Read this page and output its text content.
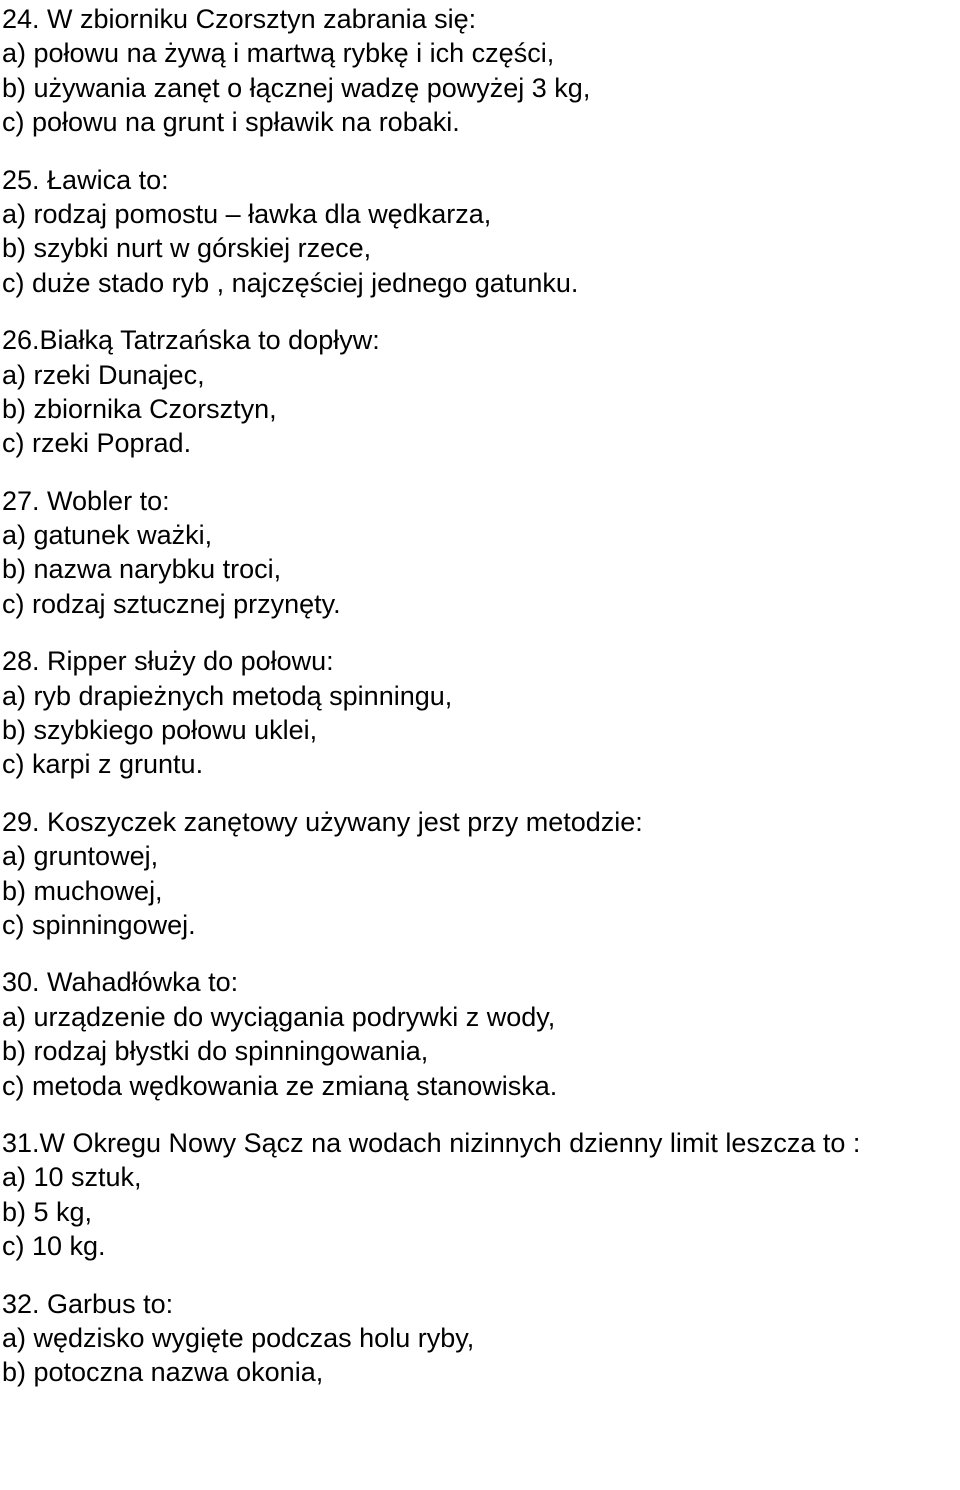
24. W zbiorniku Czorsztyn zabrania się:
a) połowu na żywą i martwą rybkę i ich części,
b) używania zanęt o łącznej wadzę powyżej 3 kg,
c) połowu na grunt i spławik na robaki.
25. Ławica to:
a) rodzaj pomostu – ławka dla wędkarza,
b) szybki nurt w górskiej rzece,
c) duże stado ryb , najczęściej jednego gatunku.
26.Białką Tatrzańska to dopływ:
a) rzeki Dunajec,
b) zbiornika Czorsztyn,
c) rzeki Poprad.
27. Wobler to:
a) gatunek ważki,
b) nazwa narybku troci,
c) rodzaj sztucznej przynęty.
28. Ripper służy do połowu:
a) ryb drapieżnych metodą spinningu,
b) szybkiego połowu uklei,
c) karpi z gruntu.
29. Koszyczek zanętowy używany jest przy metodzie:
a) gruntowej,
b) muchowej,
c) spinningowej.
30. Wahadłówka to:
a) urządzenie do wyciągania podrywki z wody,
b) rodzaj błystki do spinningowania,
c) metoda wędkowania ze zmianą stanowiska.
31.W Okregu Nowy Sącz na wodach nizinnych dzienny limit leszcza to :
a) 10 sztuk,
b) 5 kg,
c) 10 kg.
32. Garbus to:
a) wędzisko wygięte podczas holu ryby,
b) potoczna nazwa okonia,
